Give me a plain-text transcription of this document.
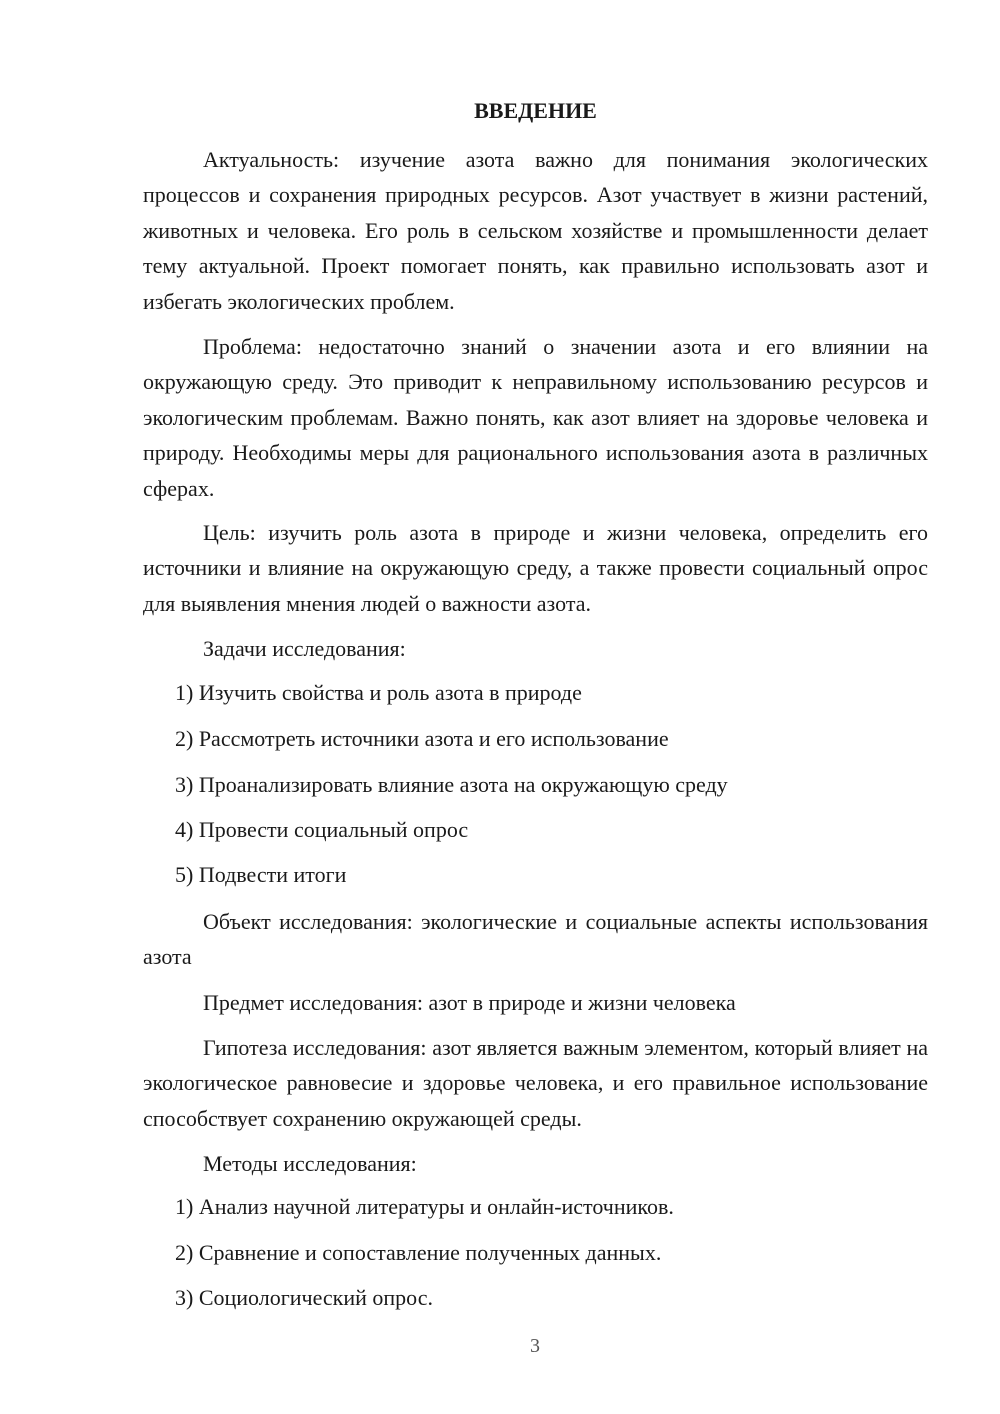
ВВЕДЕНИЕ

Актуальность: изучение азота важно для понимания экологических процессов и сохранения природных ресурсов. Азот участвует в жизни растений, животных и человека. Его роль в сельском хозяйстве и промышленности делает тему актуальной. Проект помогает понять, как правильно использовать азот и избегать экологических проблем.

Проблема: недостаточно знаний о значении азота и его влиянии на окружающую среду. Это приводит к неправильному использованию ресурсов и экологическим проблемам. Важно понять, как азот влияет на здоровье человека и природу. Необходимы меры для рационального использования азота в различных сферах.

Цель: изучить роль азота в природе и жизни человека, определить его источники и влияние на окружающую среду, а также провести социальный опрос для выявления мнения людей о важности азота.

Задачи исследования:

1) Изучить свойства и роль азота в природе

2) Рассмотреть источники азота и его использование

3) Проанализировать влияние азота на окружающую среду

4) Провести социальный опрос

5) Подвести итоги

Объект исследования: экологические и социальные аспекты использования азота

Предмет исследования: азот в природе и жизни человека

Гипотеза исследования: азот является важным элементом, который влияет на экологическое равновесие и здоровье человека, и его правильное использование способствует сохранению окружающей среды.

Методы исследования:

1) Анализ научной литературы и онлайн-источников.

2) Сравнение и сопоставление полученных данных.

3) Социологический опрос.

3
